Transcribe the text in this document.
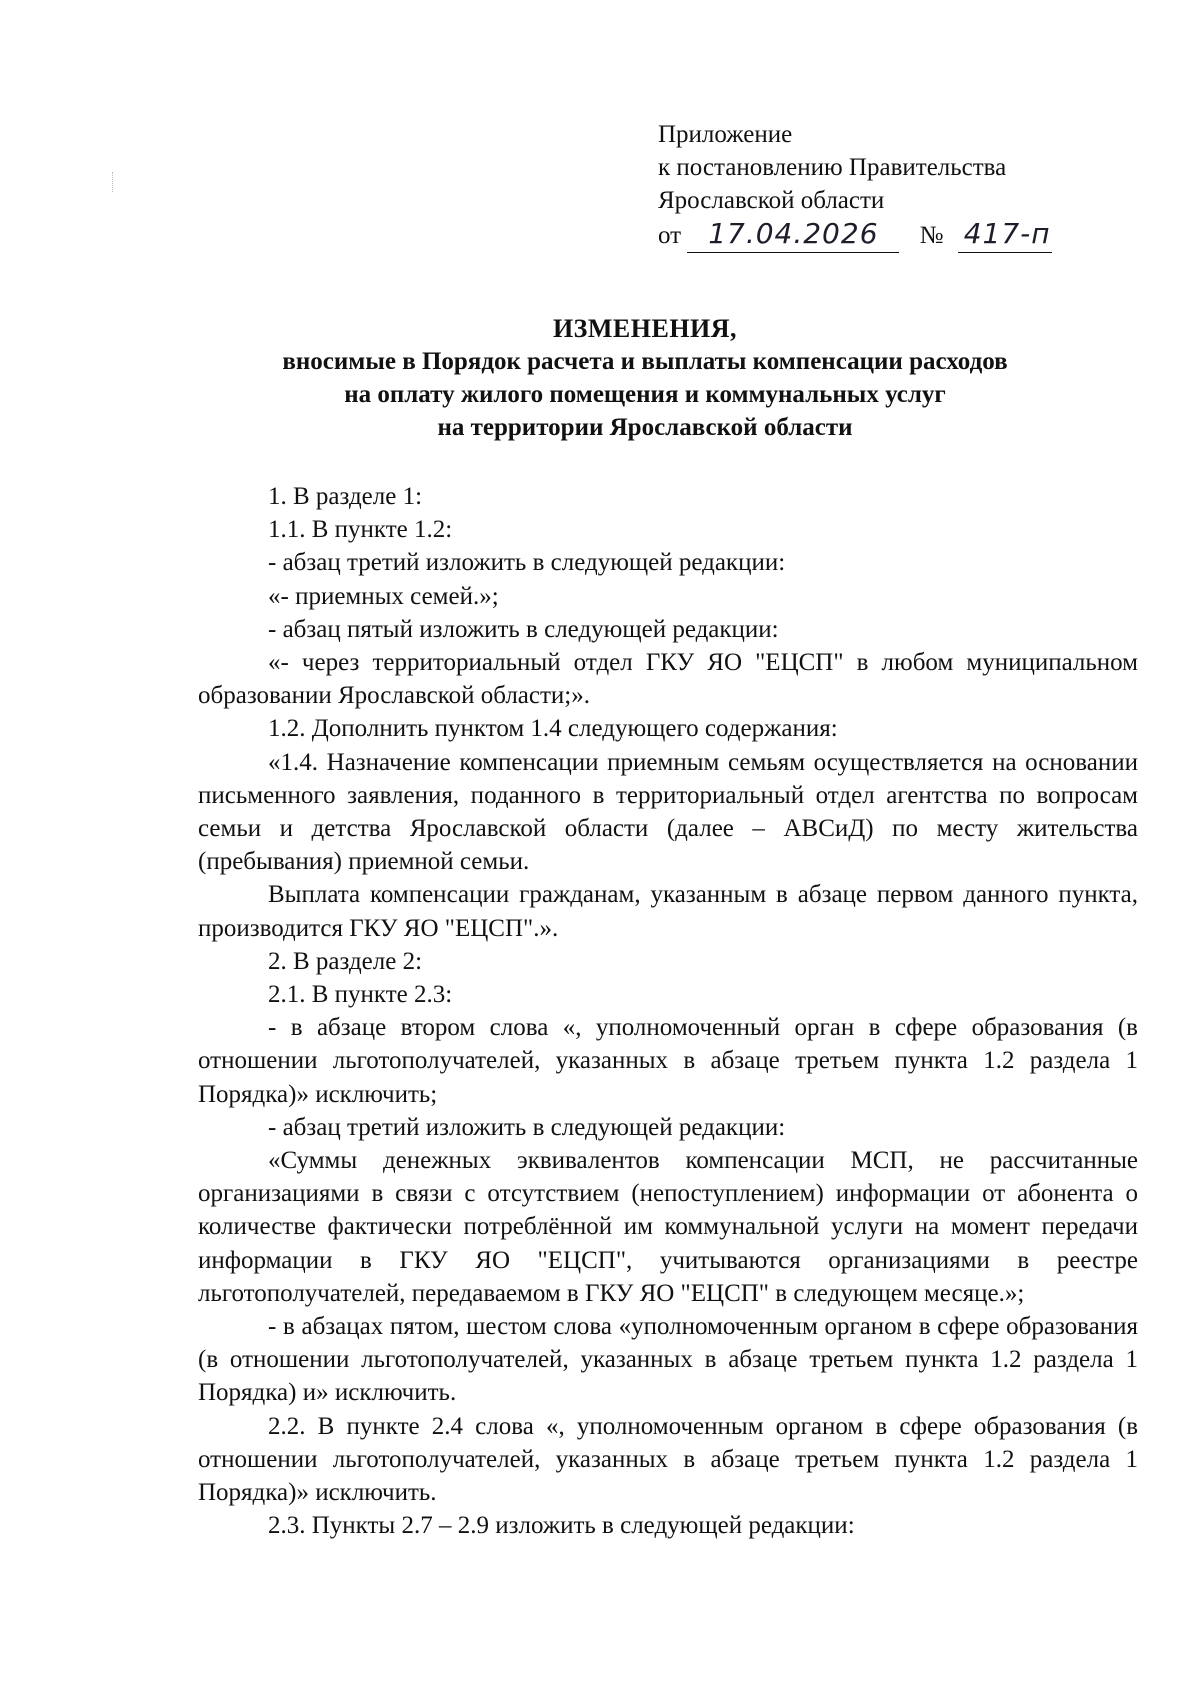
Приложение
к постановлению Правительства
Ярославской области
от 17.04.2026 № 417-п
ИЗМЕНЕНИЯ,
вносимые в Порядок расчета и выплаты компенсации расходов
на оплату жилого помещения и коммунальных услуг
на территории Ярославской области

1. В разделе 1:

1.1. В пункте 1.2:

- абзац третий изложить в следующей редакции:

«- приемных семей.»;

- абзац пятый изложить в следующей редакции:

«- через территориальный отдел ГКУ ЯО "ЕЦСП" в любом муниципальном образовании Ярославской области;».

1.2. Дополнить пунктом 1.4 следующего содержания:

«1.4. Назначение компенсации приемным семьям осуществляется на основании письменного заявления, поданного в территориальный отдел агентства по вопросам семьи и детства Ярославской области (далее – АВСиД) по месту жительства (пребывания) приемной семьи.

Выплата компенсации гражданам, указанным в абзаце первом данного пункта, производится ГКУ ЯО "ЕЦСП".».

2. В разделе 2:

2.1. В пункте 2.3:

- в абзаце втором слова «, уполномоченный орган в сфере образования (в отношении льготополучателей, указанных в абзаце третьем пункта 1.2 раздела 1 Порядка)» исключить;

- абзац третий изложить в следующей редакции:

«Суммы денежных эквивалентов компенсации МСП, не рассчитанные организациями в связи с отсутствием (непоступлением) информации от абонента о количестве фактически потреблённой им коммунальной услуги на момент передачи информации в ГКУ ЯО "ЕЦСП", учитываются организациями в реестре льготополучателей, передаваемом в ГКУ ЯО "ЕЦСП" в следующем месяце.»;

- в абзацах пятом, шестом слова «уполномоченным органом в сфере образования (в отношении льготополучателей, указанных в абзаце третьем пункта 1.2 раздела 1 Порядка) и» исключить.

2.2. В пункте 2.4 слова «, уполномоченным органом в сфере образования (в отношении льготополучателей, указанных в абзаце третьем пункта 1.2 раздела 1 Порядка)» исключить.

2.3. Пункты 2.7 – 2.9 изложить в следующей редакции:
